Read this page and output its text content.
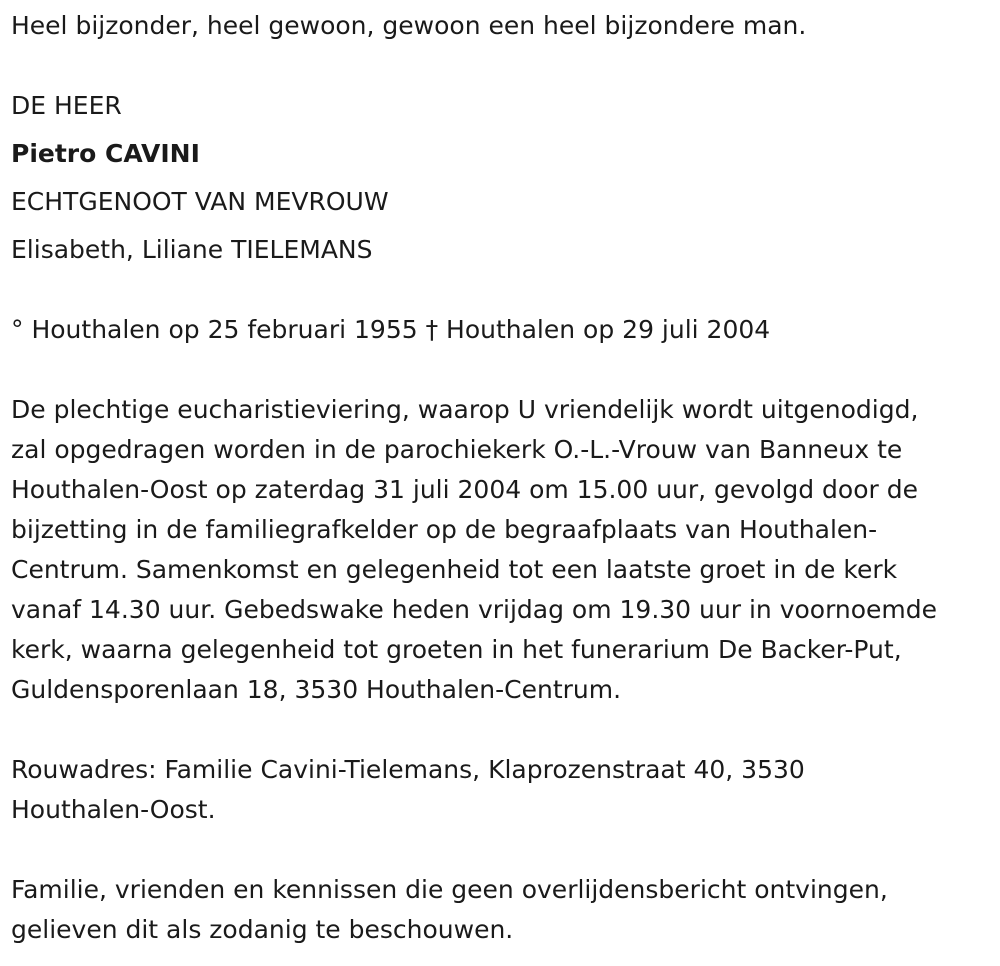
Heel bijzonder, heel gewoon, gewoon een heel bijzondere man.
DE HEER
Pietro CAVINI
ECHTGENOOT VAN MEVROUW
Elisabeth, Liliane TIELEMANS
° Houthalen op 25 februari 1955 † Houthalen op 29 juli 2004
De plechtige eucharistieviering, waarop U vriendelijk wordt uitgenodigd,
zal opgedragen worden in de parochiekerk O.-L.-Vrouw van Banneux te
Houthalen-Oost op zaterdag 31 juli 2004 om 15.00 uur, gevolgd door de
bijzetting in de familiegrafkelder op de begraafplaats van Houthalen-
Centrum. Samenkomst en gelegenheid tot een laatste groet in de kerk
vanaf 14.30 uur. Gebedswake heden vrijdag om 19.30 uur in voornoemde
kerk, waarna gelegenheid tot groeten in het funerarium De Backer-Put,
Guldensporenlaan 18, 3530 Houthalen-Centrum.
Rouwadres: Familie Cavini-Tielemans, Klaprozenstraat 40, 3530
Houthalen-Oost.
Familie, vrienden en kennissen die geen overlijdensbericht ontvingen,
gelieven dit als zodanig te beschouwen.
